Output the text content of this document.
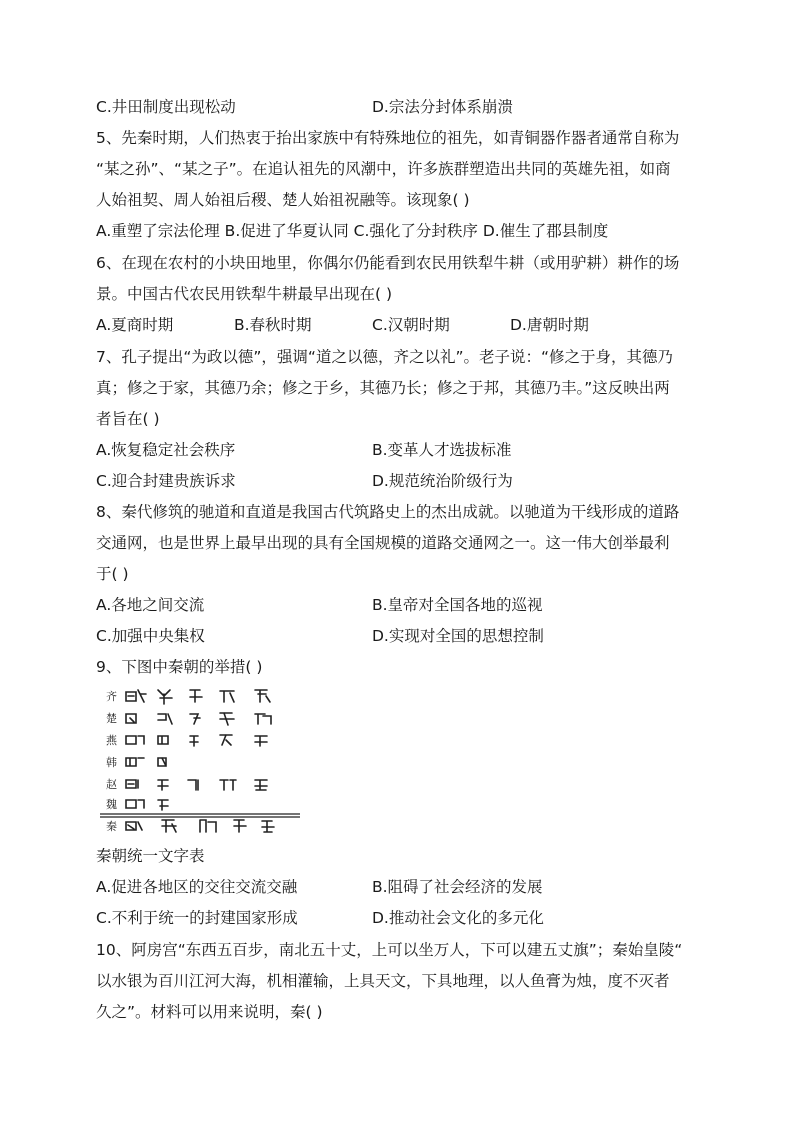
C.井田制度出现松动	D.宗法分封体系崩溃
5、先秦时期，人们热衷于抬出家族中有特殊地位的祖先，如青铜器作器者通常自称为
“某之孙”、“某之子”。在追认祖先的风潮中，许多族群塑造出共同的英雄先祖，如商
人始祖契、周人始祖后稷、楚人始祖祝融等。该现象( )
A.重塑了宗法伦理 B.促进了华夏认同 C.强化了分封秩序 D.催生了郡县制度
6、在现在农村的小块田地里，你偶尔仍能看到农民用铁犁牛耕（或用驴耕）耕作的场
景。中国古代农民用铁犁牛耕最早出现在( )
A.夏商时期	B.春秋时期	C.汉朝时期	D.唐朝时期
7、孔子提出“为政以德”，强调“道之以德，齐之以礼”。老子说：“修之于身，其德乃
真；修之于家，其德乃余；修之于乡，其德乃长；修之于邦，其德乃丰。”这反映出两
者旨在( )
A.恢复稳定社会秩序	B.变革人才选拔标准
C.迎合封建贵族诉求	D.规范统治阶级行为
8、秦代修筑的驰道和直道是我国古代筑路史上的杰出成就。以驰道为干线形成的道路
交通网，也是世界上最早出现的具有全国规模的道路交通网之一。这一伟大创举最利
于( )
A.各地之间交流	B.皇帝对全国各地的巡视
C.加强中央集权	D.实现对全国的思想控制
9、下图中秦朝的举措( )
齐
楚
燕
韩
赵
魏
秦
秦朝统一文字表
A.促进各地区的交往交流交融	B.阻碍了社会经济的发展
C.不利于统一的封建国家形成	D.推动社会文化的多元化
10、阿房宫“东西五百步，南北五十丈，上可以坐万人，下可以建五丈旗”；秦始皇陵“
以水银为百川江河大海，机相灌输，上具天文，下具地理，以人鱼膏为烛，度不灭者
久之”。材料可以用来说明，秦( )
